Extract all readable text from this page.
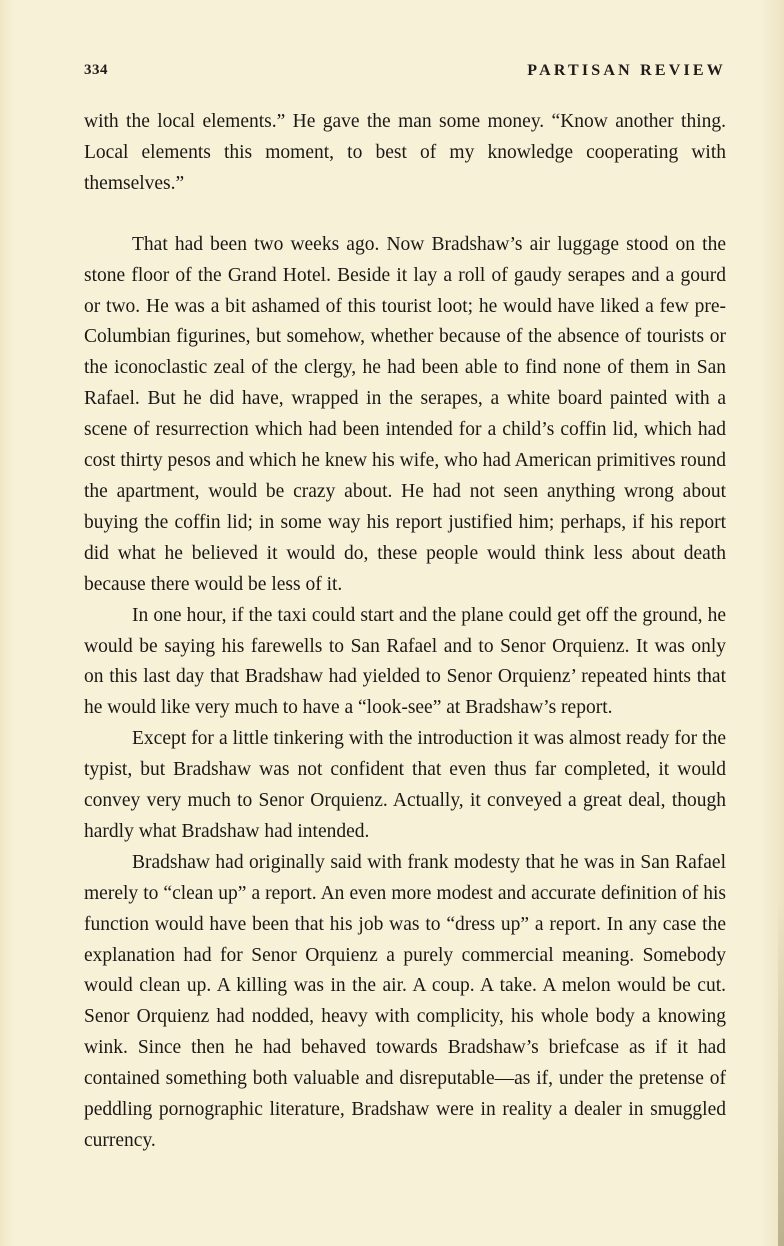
334	PARTISAN REVIEW

with the local elements.” He gave the man some money. “Know another thing. Local elements this moment, to best of my knowledge cooperating with themselves.”

That had been two weeks ago. Now Bradshaw’s air luggage stood on the stone floor of the Grand Hotel. Beside it lay a roll of gaudy serapes and a gourd or two. He was a bit ashamed of this tourist loot; he would have liked a few pre-Columbian figurines, but somehow, whether because of the absence of tourists or the iconoclastic zeal of the clergy, he had been able to find none of them in San Rafael. But he did have, wrapped in the serapes, a white board painted with a scene of resurrection which had been intended for a child’s coffin lid, which had cost thirty pesos and which he knew his wife, who had American primitives round the apartment, would be crazy about. He had not seen anything wrong about buying the coffin lid; in some way his report justified him; perhaps, if his report did what he believed it would do, these people would think less about death because there would be less of it.

In one hour, if the taxi could start and the plane could get off the ground, he would be saying his farewells to San Rafael and to Senor Orquienz. It was only on this last day that Bradshaw had yielded to Senor Orquienz’ repeated hints that he would like very much to have a “look-see” at Bradshaw’s report.

Except for a little tinkering with the introduction it was almost ready for the typist, but Bradshaw was not confident that even thus far completed, it would convey very much to Senor Orquienz. Actually, it conveyed a great deal, though hardly what Bradshaw had intended.

Bradshaw had originally said with frank modesty that he was in San Rafael merely to “clean up” a report. An even more modest and accurate definition of his function would have been that his job was to “dress up” a report. In any case the explanation had for Senor Orquienz a purely commercial meaning. Somebody would clean up. A killing was in the air. A coup. A take. A melon would be cut. Senor Orquienz had nodded, heavy with complicity, his whole body a knowing wink. Since then he had behaved towards Bradshaw’s briefcase as if it had contained something both valuable and disreputable—as if, under the pretense of peddling pornographic literature, Bradshaw were in reality a dealer in smuggled currency.
